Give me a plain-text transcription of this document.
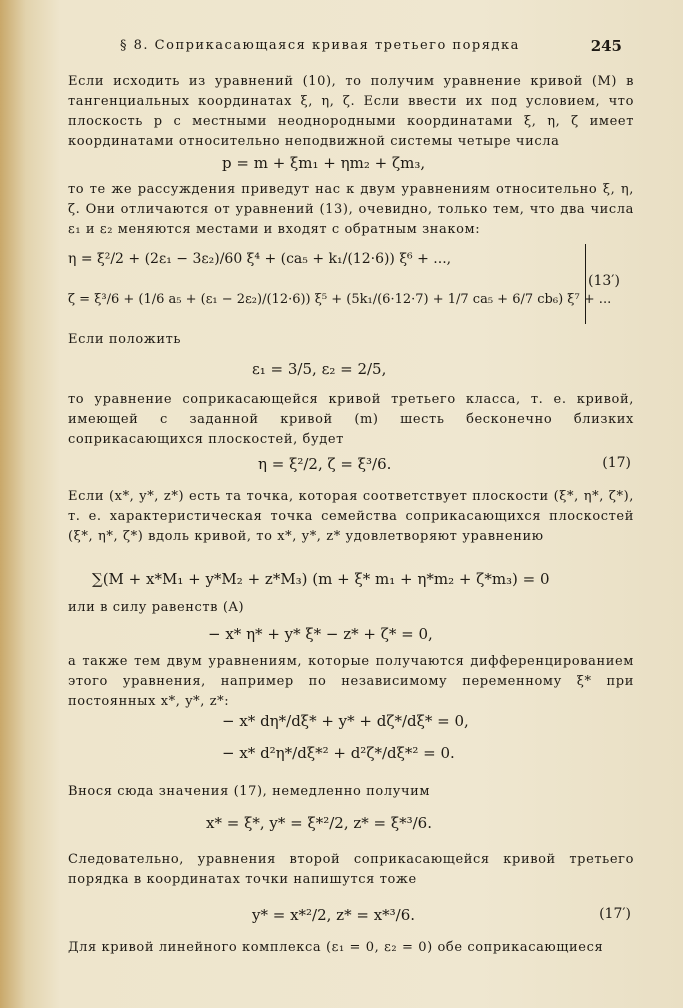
§ 8. Соприкасающаяся кривая третьего порядка	245
Если исходить из уравнений (10), то получим уравнение кривой (M) в тангенциальных координатах ξ, η, ζ. Если ввести их под условием, что плоскость p с местными неоднородными координатами ξ, η, ζ имеет координатами относительно неподвижной системы четыре числа
p = m + ξm₁ + ηm₂ + ζm₃,
то те же рассуждения приведут нас к двум уравнениям относительно ξ, η, ζ. Они отличаются от уравнений (13), очевидно, только тем, что два числа ε₁ и ε₂ меняются местами и входят с обратным знаком:
η = ξ²/2 + (2ε₁ − 3ε₂)/60 ξ⁴ + (ca₅ + k₁/(12·6)) ξ⁶ + ...,
ζ = ξ³/6 + (1/6 a₅ + (ε₁ − 2ε₂)/(12·6)) ξ⁵ + (5k₁/(6·12·7) + 1/7 ca₅ + 6/7 cb₆) ξ⁷ + ...
(13′)
Если положить
ε₁ = 3/5, ε₂ = 2/5,
то уравнение соприкасающейся кривой третьего класса, т. е. кривой, имеющей с заданной кривой (m) шесть бесконечно близких соприкасающихся плоскостей, будет
η = ξ²/2, ζ = ξ³/6.	(17)
Если (x*, y*, z*) есть та точка, которая соответствует плоскости (ξ*, η*, ζ*), т. е. характеристическая точка семейства соприкасающихся плоскостей (ξ*, η*, ζ*) вдоль кривой, то x*, y*, z* удовлетворяют уравнению
∑(M + x*M₁ + y*M₂ + z*M₃) (m + ξ* m₁ + η*m₂ + ζ*m₃) = 0
или в силу равенств (A)
− x* η* + y* ξ* − z* + ζ* = 0,
а также тем двум уравнениям, которые получаются дифференцированием этого уравнения, например по независимому переменному ξ* при постоянных x*, y*, z*:
− x* dη*/dξ* + y* + dζ*/dξ* = 0,
− x* d²η*/dξ*² + d²ζ*/dξ*² = 0.
Внося сюда значения (17), немедленно получим
x* = ξ*, y* = ξ*²/2, z* = ξ*³/6.
Следовательно, уравнения второй соприкасающейся кривой третьего порядка в координатах точки напишутся тоже
y* = x*²/2, z* = x*³/6.	(17′)
Для кривой линейного комплекса (ε₁ = 0, ε₂ = 0) обе соприкасающиеся
